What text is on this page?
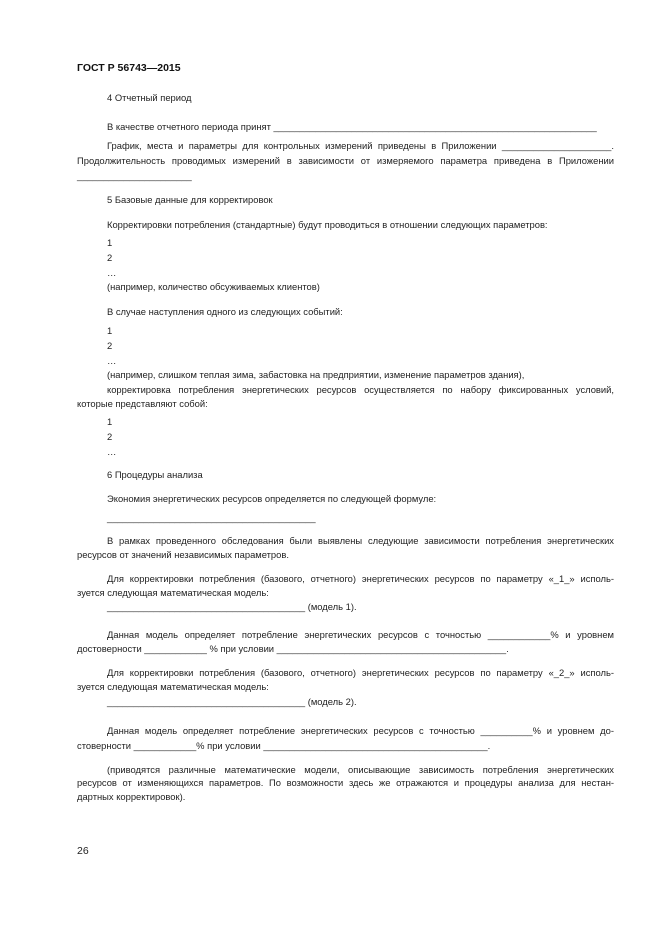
ГОСТ Р 56743—2015
4 Отчетный период
В качестве отчетного периода принят ______________________________________________________________
График, места и параметры для контрольных измерений приведены в Приложении _____________________.
Продолжительность проводимых измерений в зависимости от измеряемого параметра приведена в Приложении
______________________
5 Базовые данные для корректировок
Корректировки потребления (стандартные) будут проводиться в отношении следующих параметров:
1
2
…
(например, количество обсуживаемых клиентов)
В случае наступления одного из следующих событий:
1
2
…
(например, слишком теплая зима, забастовка на предприятии, изменение параметров здания),
корректировка потребления энергетических ресурсов осуществляется по набору фиксированных условий,
которые представляют собой:
1
2
…
6 Процедуры анализа
Экономия энергетических ресурсов определяется по следующей формуле:
________________________________________
В рамках проведенного обследования были выявлены следующие зависимости потребления энергетических
ресурсов от значений независимых параметров.
Для корректировки потребления (базового, отчетного) энергетических ресурсов по параметру «_1_» исполь-
зуется следующая математическая модель:
______________________________________ (модель 1).
Данная модель определяет потребление энергетических ресурсов с точностью ____________% и уровнем
достоверности ____________ % при условии ____________________________________________.
Для корректировки потребления (базового, отчетного) энергетических ресурсов по параметру «_2_» исполь-
зуется следующая математическая модель:
______________________________________ (модель 2).
Данная модель определяет потребление энергетических ресурсов с точностью __________% и уровнем до-
стоверности ____________% при условии ___________________________________________.
(приводятся различные математические модели, описывающие зависимость потребления энергетических
ресурсов от изменяющихся параметров. По возможности здесь же отражаются и процедуры анализа для нестан-
дартных корректировок).
26
